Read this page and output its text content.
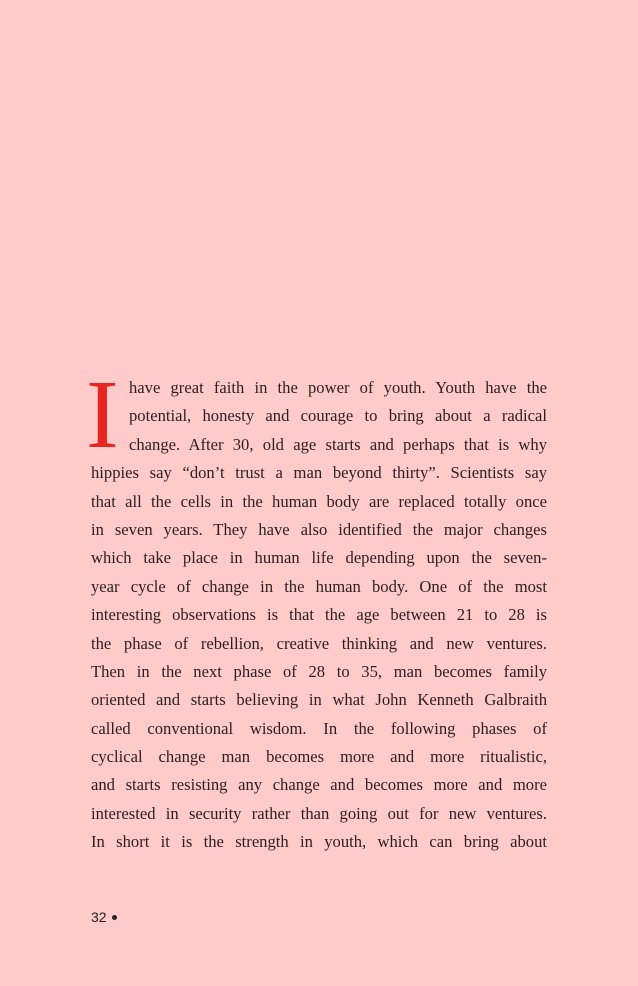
I have great faith in the power of youth. Youth have the
potential, honesty and courage to bring about a radical
change. After 30, old age starts and perhaps that is why
hippies say “don’t trust a man beyond thirty”. Scientists say
that all the cells in the human body are replaced totally once
in seven years. They have also identified the major changes
which take place in human life depending upon the seven-
year cycle of change in the human body. One of the most
interesting observations is that the age between 21 to 28 is
the phase of rebellion, creative thinking and new ventures.
Then in the next phase of 28 to 35, man becomes family
oriented and starts believing in what John Kenneth Galbraith
called conventional wisdom. In the following phases of
cyclical change man becomes more and more ritualistic,
and starts resisting any change and becomes more and more
interested in security rather than going out for new ventures.
In short it is the strength in youth, which can bring about
32
